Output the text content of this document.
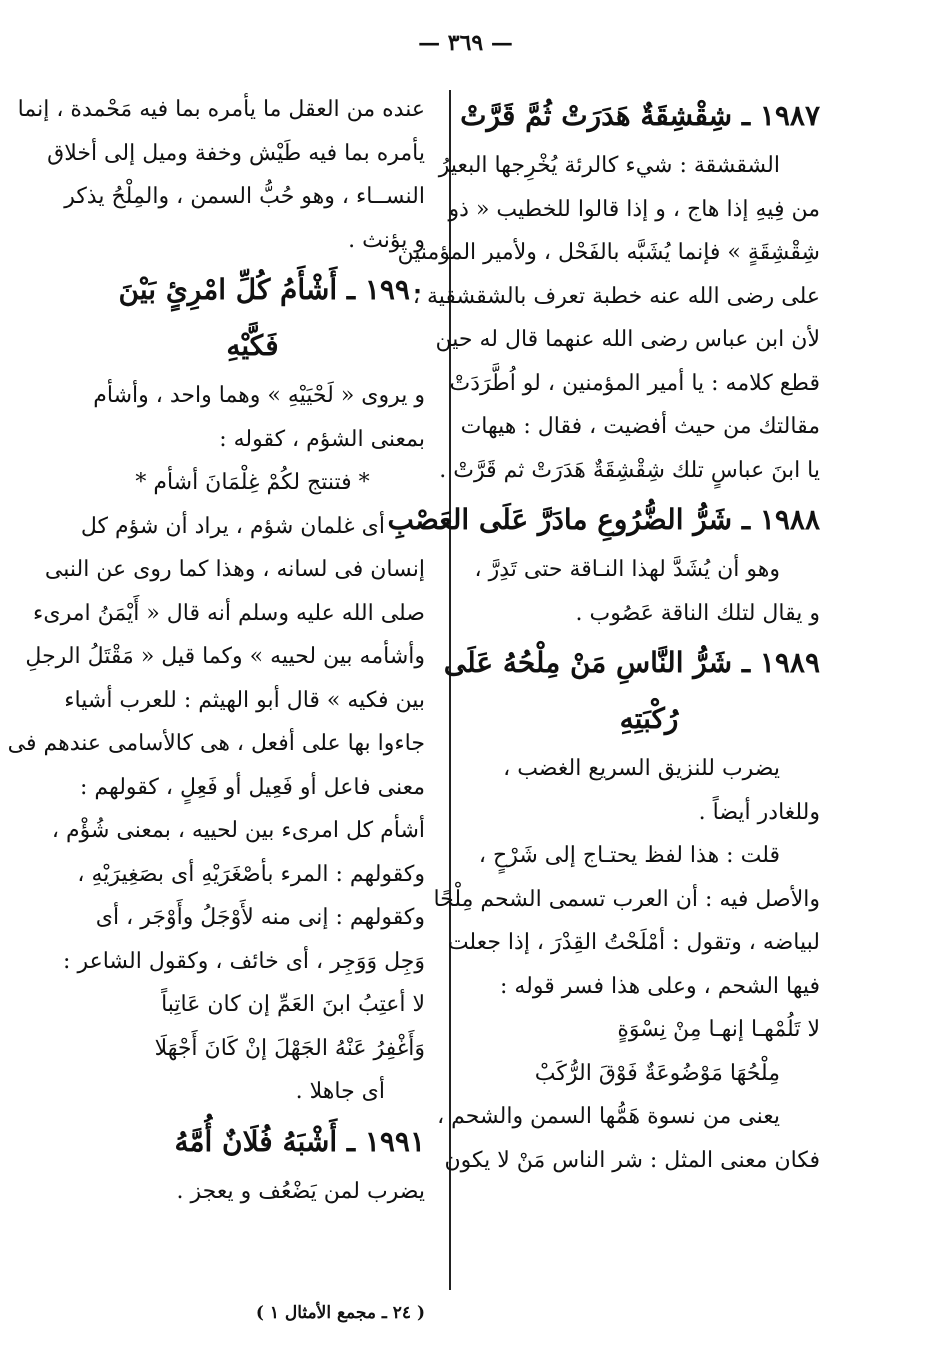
— ٣٦٩ —
١٩٨٧ ـ شِقْشِقَةٌ هَدَرَتْ ثُمَّ قَرَّتْ
الشقشقة : شيء كالرئة يُخْرِجها البعيرُ
من فِيهِ إذا هاج ، و إذا قالوا للخطيب « ذو
شِقْشِقَةٍ » فإنما يُشَبَّه بالفَحْل ، ولأمير المؤمنين
على رضى الله عنه خطبة تعرف بالشقشقية ،
لأن ابن عباس رضى الله عنهما قال له حين
قطع كلامه : يا أمير المؤمنين ، لو اُطَّرَدَتْ
مقالتك من حيث أفضيت ، فقال : هيهات
يا ابنَ عباسٍ تلك شِقْشِقَةٌ هَدَرَتْ ثم قَرَّتْ .
١٩٨٨ ـ شَرُّ الضُّرُوعِ مادَرَّ عَلَى العَصْبِ
وهو أن يُشَدَّ لهذا النـاقة حتى تَدِرَّ ،
و يقال لتلك الناقة عَصُوب .
١٩٨٩ ـ شَرُّ النَّاسِ مَنْ مِلْحُهُ عَلَى
رُكْبَتِهِ
يضرب للنزيق السريع الغضب ،
وللغادر أيضاً .
قلت : هذا لفظ يحتـاج إلى شَرْحٍ ،
والأصل فيه : أن العرب تسمى الشحم مِلْحًا
لبياضه ، وتقول : أمْلَحْتُ القِدْرَ ، إذا جعلت
فيها الشحم ، وعلى هذا فسر قوله :
لا تَلُمْهـا إنهـا مِنْ نِسْوَةٍ
مِلْحُهَا مَوْضُوعَةٌ فَوْقَ الرُّكَبْ
يعنى من نسوة هَمُّها السمن والشحم ،
فكان معنى المثل : شر الناس مَنْ لا يكون
عنده من العقل ما يأمره بما فيه مَحْمدة ، إنما
يأمره بما فيه طَيْش وخفة وميل إلى أخلاق
النســاء ، وهو حُبُّ السمن ، والمِلْحُ يذكر
و يؤنث .
١٩٩٠ ـ أَشْأَمُ كُلِّ امْرِئٍ بَيْنَ
فَكَّيْهِ
و يروى « لَحْيَيْهِ » وهما واحد ، وأشأم
بمعنى الشؤم ، كقوله :
* فتنتج لكُمْ غِلْمَانَ أشأم *
أى غلمان شؤم ، يراد أن شؤم كل
إنسان فى لسانه ، وهذا كما روى عن النبى
صلى الله عليه وسلم أنه قال « أَيْمَنُ امرىء
وأشأمه بين لحييه » وكما قيل « مَقْتَلُ الرجلِ
بين فكيه » قال أبو الهيثم : للعرب أشياء
جاءوا بها على أفعل ، هى كالأسامى عندهم فى
معنى فاعل أو فَعِيل أو فَعِلٍ ، كقولهم :
أشأم كل امرىء بين لحييه ، بمعنى شُؤْم ،
وكقولهم : المرء بأصْغَرَيْهِ أى بصَغِيرَيْهِ ،
وكقولهم : إنى منه لأَوْجَلُ وأَوْجَر ، أى
وَجِل وَوَجِر ، أى خائف ، وكقول الشاعر :
لا أعتِبُ ابنَ العَمِّ إن كان عَاتِباً
وَأَغْفِرُ عَنْهُ الجَهْلَ إنْ كَانَ أَجْهَلَا
أى جاهلا .
١٩٩١ ـ أَشْبَهُ فُلَانٌ أُمَّهُ
يضرب لمن يَضْعُف و يعجز .
( ٢٤ ـ مجمع الأمثال ١ )
